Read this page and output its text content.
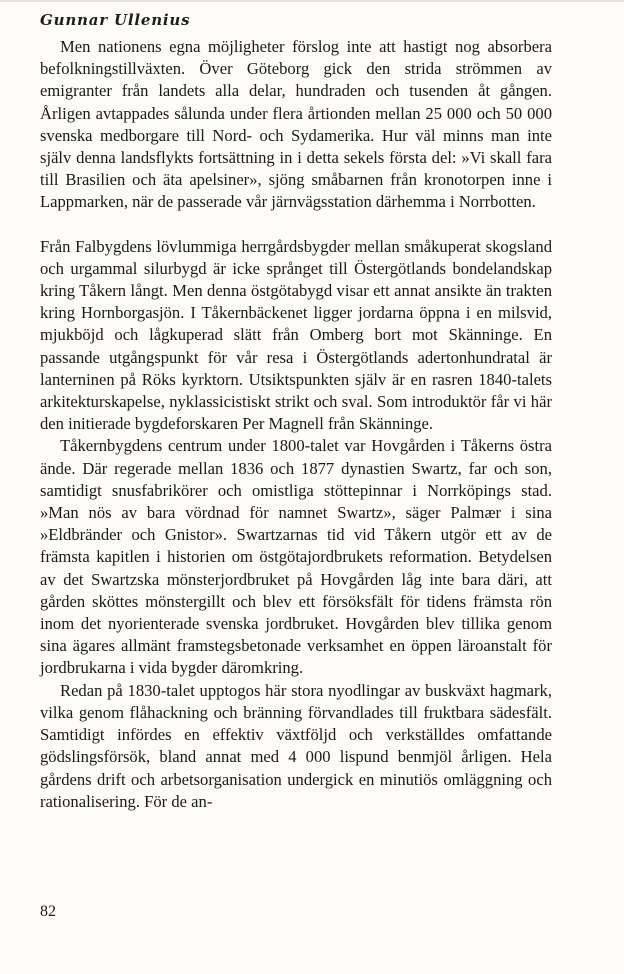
Gunnar Ullenius

Men nationens egna möjligheter förslog inte att hastigt nog absorbera befolkningstillväxten. Över Göteborg gick den strida strömmen av emigranter från landets alla delar, hundraden och tusenden åt gången. Årligen avtappades sålunda under flera årtionden mellan 25 000 och 50 000 svenska medborgare till Nord- och Sydamerika. Hur väl minns man inte själv denna landsflykts fortsättning in i detta sekels första del: »Vi skall fara till Brasilien och äta apelsiner», sjöng småbarnen från kronotorpen inne i Lappmarken, när de passerade vår järnvägsstation därhemma i Norrbotten.

Från Falbygdens lövlummiga herrgårdsbygder mellan småkuperat skogsland och urgammal silurbygd är icke språnget till Östergötlands bondelandskap kring Tåkern långt. Men denna östgötabygd visar ett annat ansikte än trakten kring Hornborgasjön. I Tåkernbäckenet ligger jordarna öppna i en milsvid, mjukböjd och lågkuperad slätt från Omberg bort mot Skänninge. En passande utgångspunkt för vår resa i Östergötlands adertonhundratal är lanterninen på Röks kyrktorn. Utsiktspunkten själv är en rasren 1840-talets arkitekturskapelse, nyklassicistiskt strikt och sval. Som introduktör får vi här den initierade bygdeforskaren Per Magnell från Skänninge.

Tåkernbygdens centrum under 1800-talet var Hovgården i Tåkerns östra ände. Där regerade mellan 1836 och 1877 dynastien Swartz, far och son, samtidigt snusfabrikörer och omistliga stöttepinnar i Norrköpings stad. »Man nös av bara vördnad för namnet Swartz», säger Palmær i sina »Eldbränder och Gnistor». Swartzarnas tid vid Tåkern utgör ett av de främsta kapitlen i historien om östgötajordbrukets reformation. Betydelsen av det Swartzska mönsterjordbruket på Hovgården låg inte bara däri, att gården sköttes mönstergillt och blev ett försöksfält för tidens främsta rön inom det nyorienterade svenska jordbruket. Hovgården blev tillika genom sina ägares allmänt framstegsbetonade verksamhet en öppen läroanstalt för jordbrukarna i vida bygder däromkring.

Redan på 1830-talet upptogos här stora nyodlingar av buskväxt hagmark, vilka genom flåhackning och bränning förvandlades till fruktbara sädesfält. Samtidigt infördes en effektiv växtföljd och verkställdes omfattande gödslingsförsök, bland annat med 4 000 lispund benmjöl årligen. Hela gårdens drift och arbetsorganisation undergick en minutiös omläggning och rationalisering. För de an-

82
